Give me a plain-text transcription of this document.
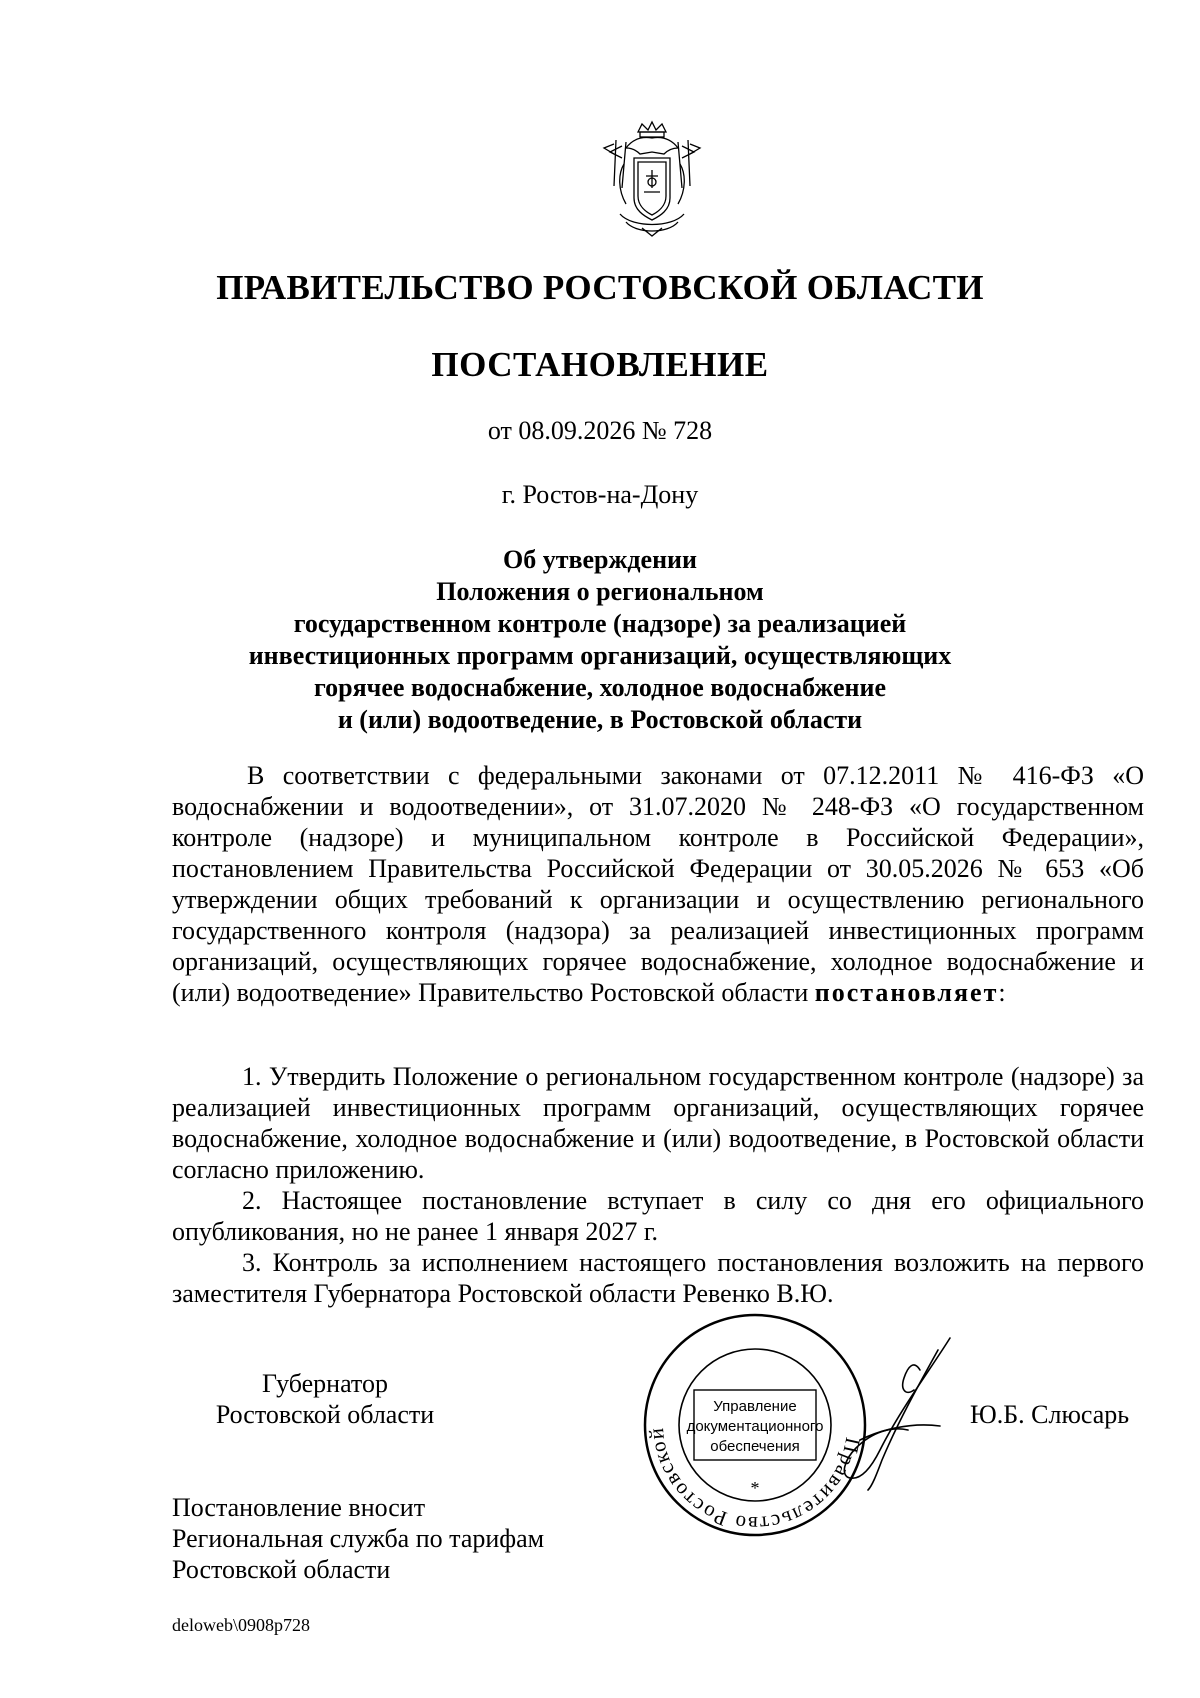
ПРАВИТЕЛЬСТВО РОСТОВСКОЙ ОБЛАСТИ
ПОСТАНОВЛЕНИЕ
от 08.09.2026 № 728
г. Ростов-на-Дону
Об утверждении
Положения о региональном
государственном контроле (надзоре) за реализацией
инвестиционных программ организаций, осуществляющих
горячее водоснабжение, холодное водоснабжение
и (или) водоотведение, в Ростовской области
В соответствии с федеральными законами от 07.12.2011 № 416-ФЗ «О водоснабжении и водоотведении», от 31.07.2020 № 248-ФЗ «О государственном контроле (надзоре) и муниципальном контроле в Российской Федерации», постановлением Правительства Российской Федерации от 30.05.2026 № 653 «Об утверждении общих требований к организации и осуществлению регионального государственного контроля (надзора) за реализацией инвестиционных программ организаций, осуществляющих горячее водоснабжение, холодное водоснабжение и (или) водоотведение» Правительство Ростовской области постановляет:
1. Утвердить Положение о региональном государственном контроле (надзоре) за реализацией инвестиционных программ организаций, осуществляющих горячее водоснабжение, холодное водоснабжение и (или) водоотведение, в Ростовской области согласно приложению.
2. Настоящее постановление вступает в силу со дня его официального опубликования, но не ранее 1 января 2027 г.
3. Контроль за исполнением настоящего постановления возложить на первого заместителя Губернатора Ростовской области Ревенко В.Ю.
Губернатор
Ростовской области
Правительство Ростовской
Управление
документационного
обеспечения
*
Ю.Б. Слюсарь
Постановление вносит
Региональная служба по тарифам
Ростовской области
deloweb\0908p728
